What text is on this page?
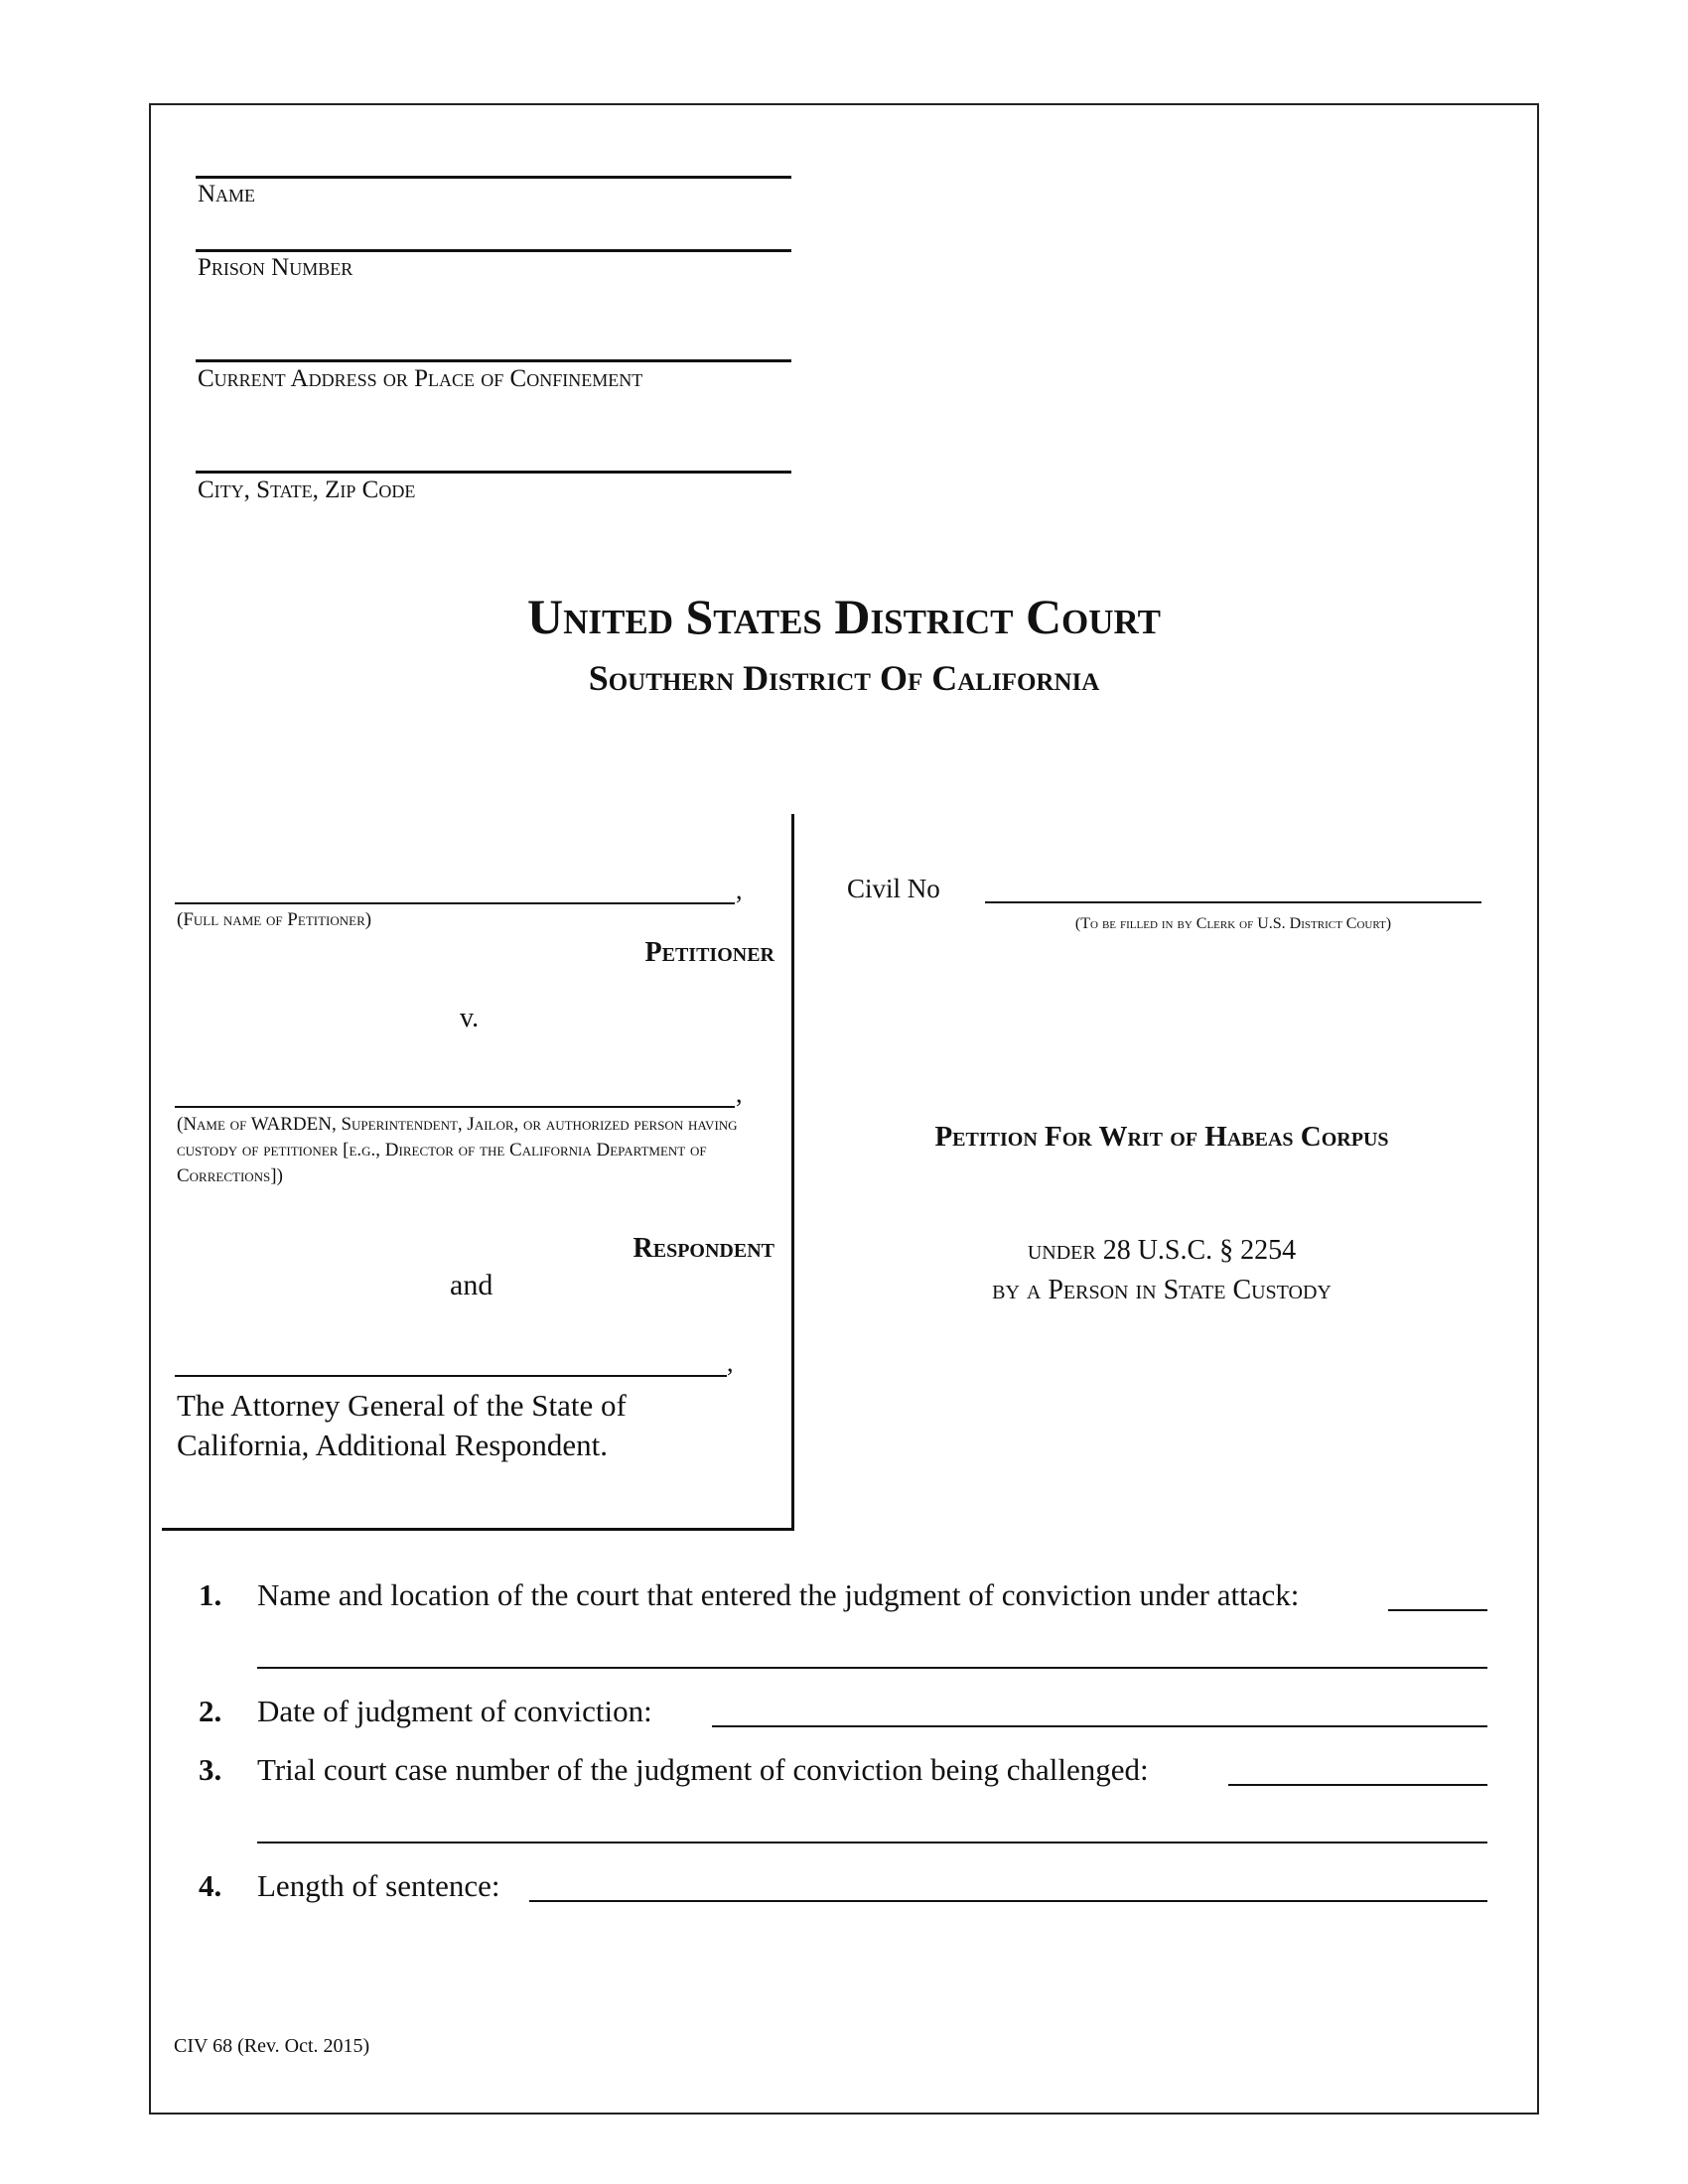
Name
Prison Number
Current Address or Place of Confinement
City, State, Zip Code
United States District Court
Southern District Of California
,
(Full name of Petitioner)
Petitioner
v.
,
(Name of WARDEN, Superintendent, Jailor, or authorized person having custody of petitioner [e.g., Director of the California Department of Corrections])
Respondent
and
,
The Attorney General of the State of California, Additional Respondent.
Civil No
(To be filled in by Clerk of U.S. District Court)
Petition For Writ of Habeas Corpus
under 28 U.S.C. § 2254
by a Person in State Custody
1. Name and location of the court that entered the judgment of conviction under attack:
2. Date of judgment of conviction:
3. Trial court case number of the judgment of conviction being challenged:
4. Length of sentence:
CIV 68 (Rev. Oct. 2015)
